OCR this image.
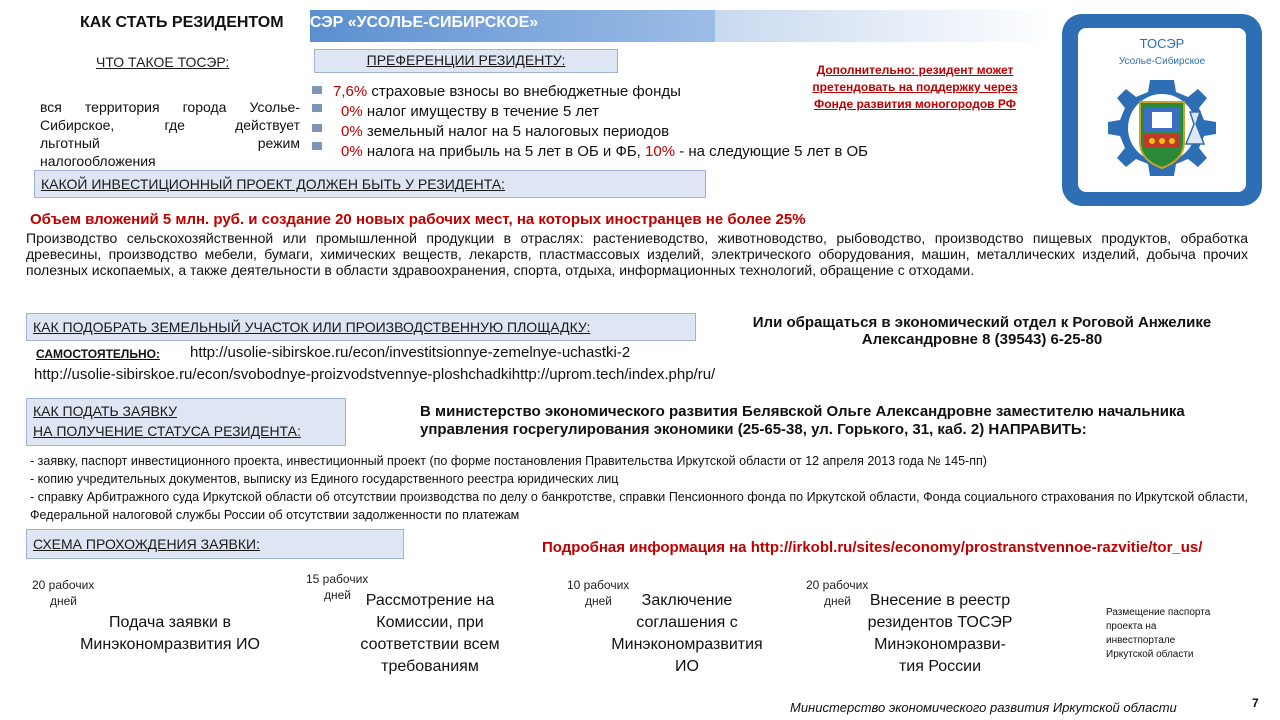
КАК СТАТЬ РЕЗИДЕНТОМ ТОСЭР «УСОЛЬЕ-СИБИРСКОЕ»
ТОСЭР
Усолье-Сибирское
ЧТО ТАКОЕ ТОСЭР:
вся территория города Усолье-
Сибирское, где действует
льготный режим
налогообложения
ПРЕФЕРЕНЦИИ РЕЗИДЕНТУ:
7,6% страховые взносы во внебюджетные фонды
0% налог имуществу в течение 5 лет
0% земельный налог на 5 налоговых периодов
0% налога на прибыль на 5 лет в ОБ и ФБ, 10% - на следующие 5 лет в ОБ
Дополнительно: резидент может
претендовать на поддержку через
Фонде развития моногородов РФ
КАКОЙ ИНВЕСТИЦИОННЫЙ ПРОЕКТ ДОЛЖЕН БЫТЬ У РЕЗИДЕНТА:
Объем вложений 5 млн. руб. и создание 20 новых рабочих мест, на которых иностранцев не более 25%
Производство сельскохозяйственной или промышленной продукции в отраслях: растениеводство, животноводство, рыбоводство, производство пищевых продуктов, обработка древесины, производство мебели, бумаги, химических веществ, лекарств, пластмассовых изделий, электрического оборудования, машин, металлических изделий, добыча прочих полезных ископаемых, а также деятельности в области здравоохранения, спорта, отдыха, информационных технологий, обращение с отходами.
КАК ПОДОБРАТЬ ЗЕМЕЛЬНЫЙ УЧАСТОК ИЛИ ПРОИЗВОДСТВЕННУЮ ПЛОЩАДКУ:
САМОСТОЯТЕЛЬНО: http://usolie-sibirskoe.ru/econ/investitsionnye-zemelnye-uchastki-2
http://usolie-sibirskoe.ru/econ/svobodnye-proizvodstvennye-ploshchadkihttp://uprom.tech/index.php/ru/
Или обращаться в экономический отдел к Роговой Анжелике
Александровне 8 (39543) 6-25-80
КАК ПОДАТЬ ЗАЯВКУ
НА ПОЛУЧЕНИЕ СТАТУСА РЕЗИДЕНТА:
В министерство экономического развития Белявской Ольге Александровне заместителю начальника
управления госрегулирования экономики (25-65-38, ул. Горького, 31, каб. 2) НАПРАВИТЬ:
- заявку, паспорт инвестиционного проекта, инвестиционный проект (по форме постановления Правительства Иркутской области от 12 апреля 2013 года № 145-пп)
- копию учредительных документов, выписку из Единого государственного реестра юридических лиц
- справку Арбитражного суда Иркутской области об отсутствии производства по делу о банкротстве, справки Пенсионного фонда по Иркутской области, Фонда социального страхования по Иркутской области, Федеральной налоговой службы России об отсутствии задолженности по платежам
СХЕМА ПРОХОЖДЕНИЯ ЗАЯВКИ:	Подробная информация на http://irkobl.ru/sites/economy/prostranstvennoe-razvitie/tor_us/
20 рабочих
дней
Подача заявки в
Минэкономразвития ИО
15 рабочих
дней Рассмотрение на
Комиссии, при
соответствии всем
требованиям
10 рабочих
дней	Заключение
соглашения с
Минэкономразвития
ИО
20 рабочих
дней	Внесение в реестр
резидентов ТОСЭР
Минэкономразви-
тия России
Размещение паспорта
проекта на
инвестпортале
Иркутской области
Министерство экономического развития Иркутской области	7
